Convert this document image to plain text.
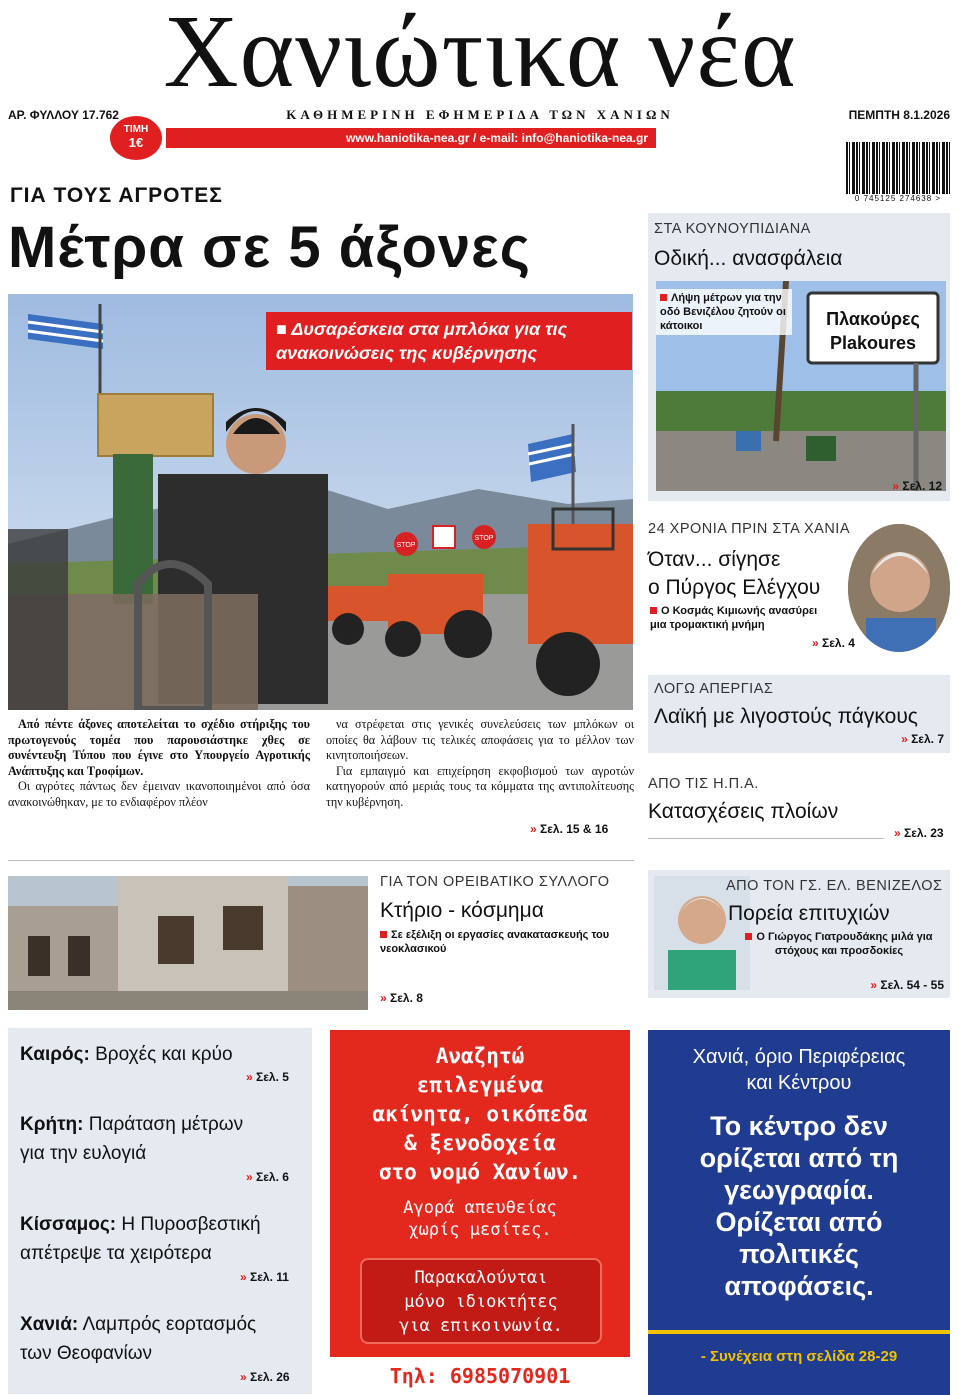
Χανιώτικα νέα
ΑΡ. ΦΥΛΛΟΥ 17.762	ΚΑΘΗΜΕΡΙΝΗ ΕΦΗΜΕΡΙΔΑ ΤΩΝ ΧΑΝΙΩΝ	ΠΕΜΠΤΗ 8.1.2026
www.haniotika-nea.gr / e-mail: info@haniotika-nea.gr
ΤΙΜΗ
1€
0 745125 274638 >
ΓΙΑ ΤΟΥΣ ΑΓΡΟΤΕΣ
Μέτρα σε 5 άξονες
STOP
STOP
■ Δυσαρέσκεια στα μπλόκα για τις ανακοινώσεις της κυβέρνησης

Από πέντε άξονες αποτελείται το σχέδιο στήριξης του πρωτογενούς τομέα που παρουσιάστηκε χθες σε συνέντευξη Τύπου που έγινε στο Υπουργείο Αγροτικής Ανάπτυξης και Τροφίμων.

Οι αγρότες πάντως δεν έμειναν ικανοποιημένοι από όσα ανακοινώθηκαν, με το ενδιαφέρον πλέον

να στρέφεται στις γενικές συνελεύσεις των μπλόκων οι οποίες θα λάβουν τις τελικές αποφάσεις για το μέλλον των κινητοποιήσεων.

Για εμπαιγμό και επιχείρηση εκφοβισμού των αγροτών κατηγορούν από μεριάς τους τα κόμματα της αντιπολίτευσης την κυβέρνηση.

» Σελ. 15 & 16
ΣΤΑ ΚΟΥΝΟΥΠΙΔΙΑΝΑ
Οδική... ανασφάλεια
Πλακούρες
Plakoures
Λήψη μέτρων για την οδό Βενιζέλου ζητούν οι κάτοικοι
» Σελ. 12
24 ΧΡΟΝΙΑ ΠΡΙΝ ΣΤΑ ΧΑΝΙΑ
Όταν... σίγησε
ο Πύργος Ελέγχου
Ο Κοσμάς Κιμιωνής ανασύρει μια τρομακτική μνήμη
» Σελ. 4
ΛΟΓΩ ΑΠΕΡΓΙΑΣ
Λαϊκή με λιγοστούς πάγκους
» Σελ. 7
ΑΠΟ ΤΙΣ Η.Π.Α.
Κατασχέσεις πλοίων
» Σελ. 23
ΓΙΑ ΤΟΝ ΟΡΕΙΒΑΤΙΚΟ ΣΥΛΛΟΓΟ
Κτήριο - κόσμημα
Σε εξέλιξη οι εργασίες ανακατασκευής του νεοκλασικού
» Σελ. 8
ΑΠΟ ΤΟΝ ΓΣ. ΕΛ. ΒΕΝΙΖΕΛΟΣ
Πορεία επιτυχιών
Ο Γιώργος Γιατρουδάκης μιλά για στόχους και προσδοκίες
» Σελ. 54 - 55
Καιρός: Βροχές και κρύο
» Σελ. 5
Κρήτη: Παράταση μέτρων για την ευλογιά
» Σελ. 6
Κίσσαμος: Η Πυροσβεστική απέτρεψε τα χειρότερα
» Σελ. 11
Χανιά: Λαμπρός εορτασμός των Θεοφανίων
» Σελ. 26
Αναζητώ
επιλεγμένα
ακίνητα, οικόπεδα
& ξενοδοχεία
στο νομό Χανίων.
Αγορά απευθείας
χωρίς μεσίτες.
Παρακαλούνται
μόνο ιδιοκτήτες
για επικοινωνία.
Τηλ: 6985070901
Χανιά, όριο Περιφέρειας
και Κέντρου
Το κέντρο δεν
ορίζεται από τη
γεωγραφία.
Ορίζεται από
πολιτικές
αποφάσεις.
- Συνέχεια στη σελίδα 28-29
